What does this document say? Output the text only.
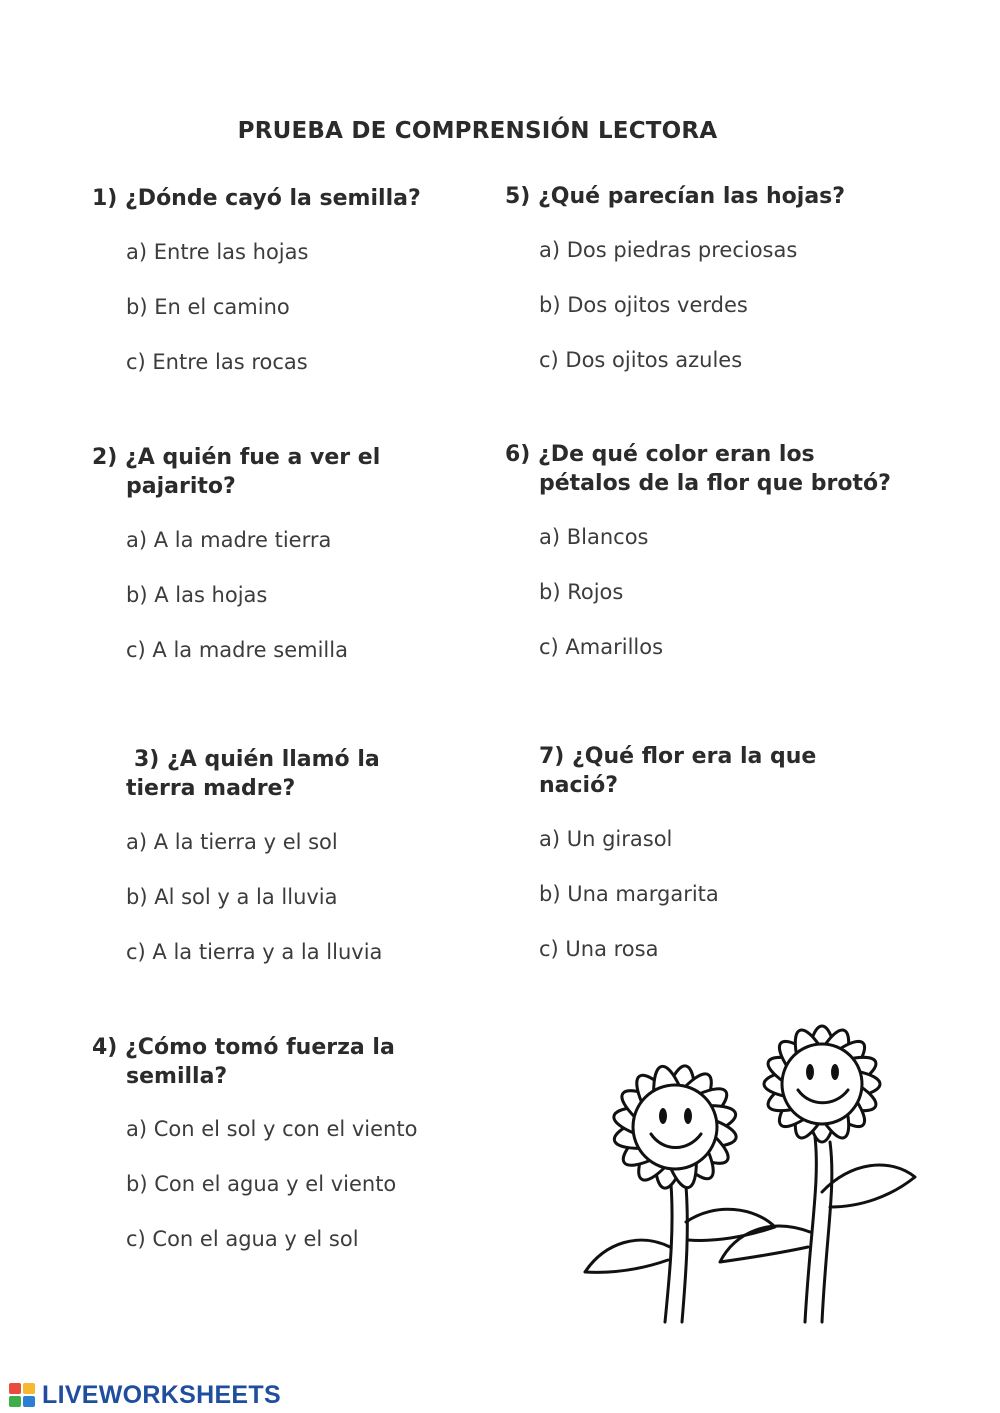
PRUEBA DE COMPRENSIÓN LECTORA
1) ¿Dónde cayó la semilla?
a) Entre las hojas
b) En el camino
c) Entre las rocas
2) ¿A quién fue a ver el
pajarito?
a) A la madre tierra
b) A las hojas
c) A la madre semilla
3) ¿A quién llamó la
tierra madre?
a) A la tierra y el sol
b) Al sol y a la lluvia
c) A la tierra y a la lluvia
4) ¿Cómo tomó fuerza la
semilla?
a) Con el sol y con el viento
b) Con el agua y el viento
c) Con el agua y el sol
5) ¿Qué parecían las hojas?
a) Dos piedras preciosas
b) Dos ojitos verdes
c) Dos ojitos azules
6) ¿De qué color eran los
pétalos de la flor que brotó?
a) Blancos
b) Rojos
c) Amarillos
7) ¿Qué flor era la que
nació?
a) Un girasol
b) Una margarita
c) Una rosa
LIVEWORKSHEETS
